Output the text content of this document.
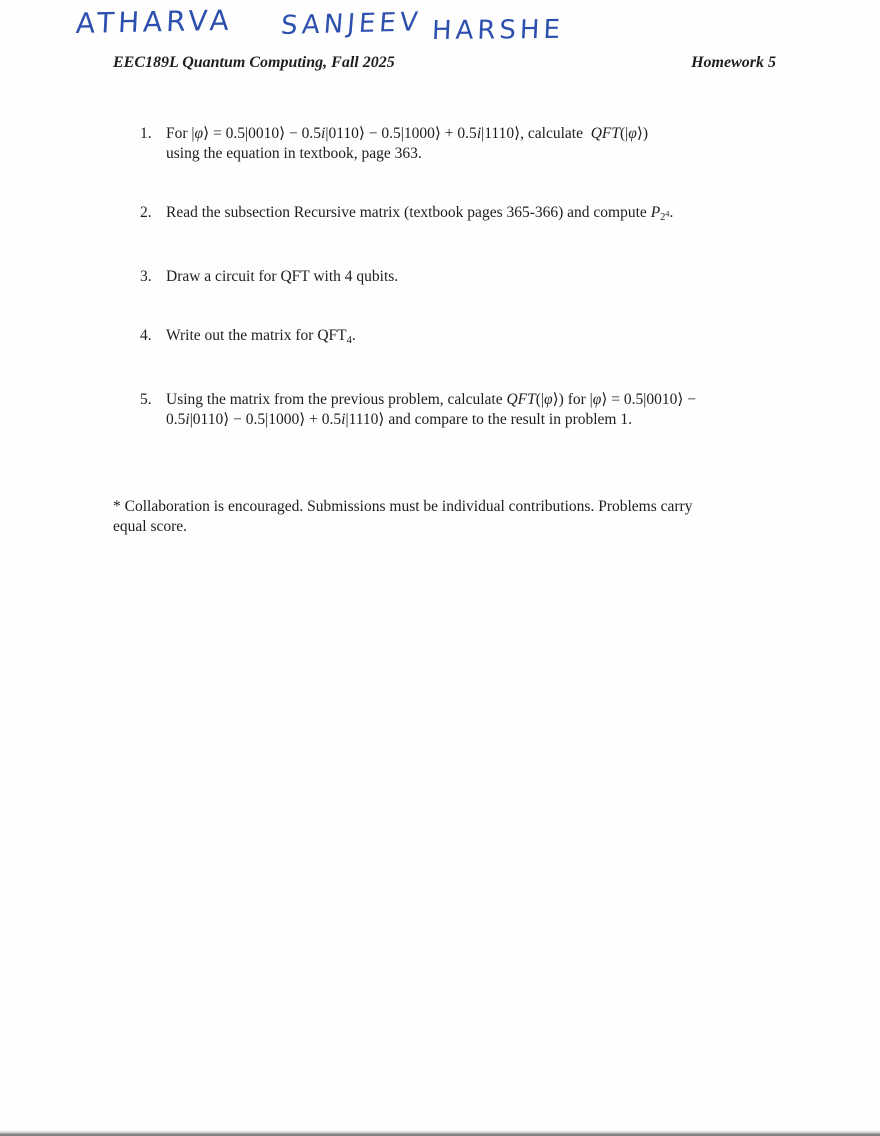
ATHARVA SANJEEV HARSHE
EEC189L Quantum Computing, Fall 2025	Homework 5
1. For |φ⟩ = 0.5|0010⟩ − 0.5i|0110⟩ − 0.5|1000⟩ + 0.5i|1110⟩, calculate  QFT(|φ⟩)
using the equation in textbook, page 363.
2. Read the subsection Recursive matrix (textbook pages 365-366) and compute P24.
3. Draw a circuit for QFT with 4 qubits.
4. Write out the matrix for QFT4.
5. Using the matrix from the previous problem, calculate QFT(|φ⟩) for |φ⟩ = 0.5|0010⟩ −
0.5i|0110⟩ − 0.5|1000⟩ + 0.5i|1110⟩ and compare to the result in problem 1.
* Collaboration is encouraged. Submissions must be individual contributions. Problems carry
equal score.
